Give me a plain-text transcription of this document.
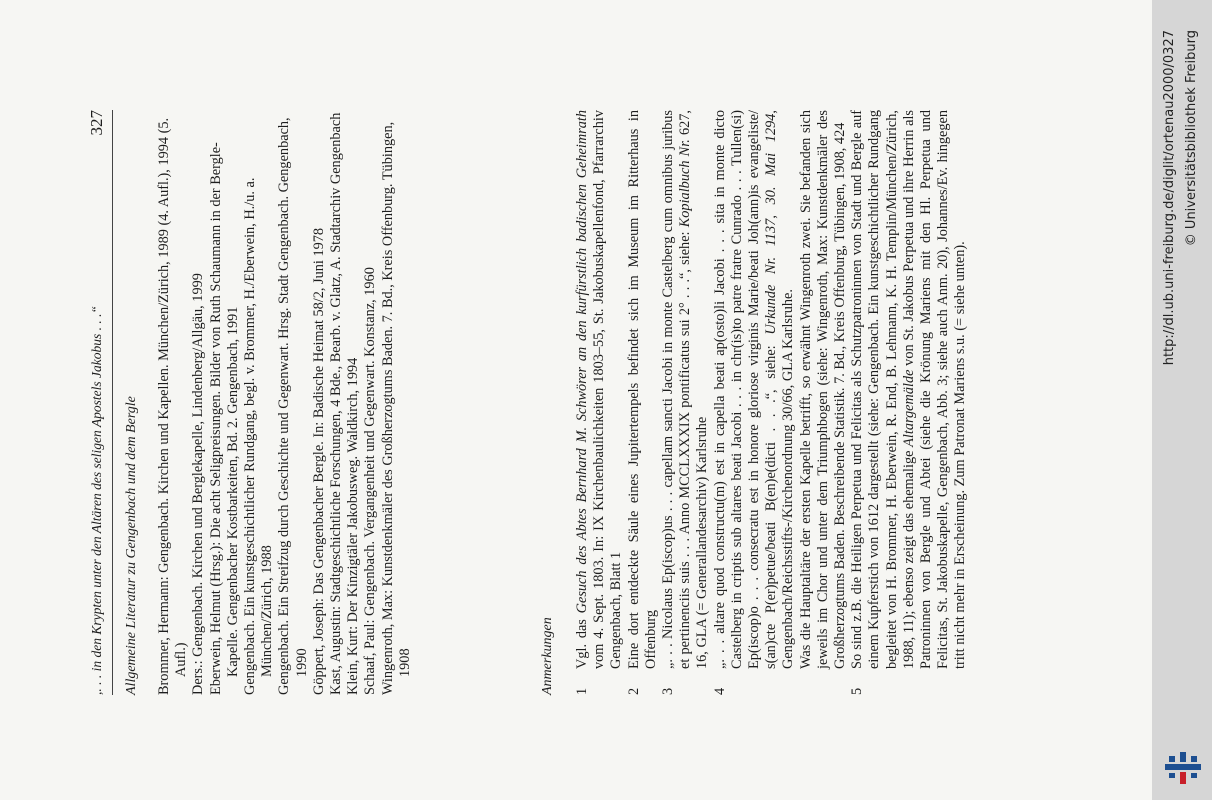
,. . . in den Krypten unter den Altären des seligen Apostels Jakobus . . .“
327
Allgemeine Literatur zu Gengenbach und dem Bergle Brommer, Hermann: Gengenbach. Kirchen und Kapellen. München/Zürich, 1989 (4. Aufl.), 1994 (5. Aufl.) Ders.: Gengenbach. Kirchen und Berglekapelle, Lindenberg/Allgäu, 1999 Eberwein, Helmut (Hrsg.): Die acht Seligpreisungen. Bilder von Ruth Schaumann in der Bergle-Kapelle. Gengenbacher Kostbarkeiten, Bd. 2. Gengenbach, 1991 Gengenbach. Ein kunstgeschichtlicher Rundgang, begl. v. Brommer, H./Eberwein, H./u. a. München/Zürich, 1988 Gengenbach. Ein Streifzug durch Geschichte und Gegenwart. Hrsg. Stadt Gengenbach. Gengenbach, 1990 Göppert, Joseph: Das Gengenbacher Bergle. In: Badische Heimat 58/2, Juni 1978 Kast, Augustin: Stadtgeschichtliche Forschungen, 4 Bde., Bearb. v. Glatz, A. Stadtarchiv Gengenbach Klein, Kurt: Der Kinzigtäler Jakobusweg. Waldkirch, 1994 Schaaf, Paul: Gengenbach. Vergangenheit und Gegenwart. Konstanz, 1960 Wingenroth, Max: Kunstdenkmäler des Großherzogtums Baden. 7. Bd., Kreis Offenburg. Tübingen, 1908	Anmerkungen 1
Vgl. das Gesuch des Abtes Bernhard M. Schwörer an den kurfürstlich badischen Geheimrath vom 4. Sept. 1803. In: IX Kirchenbaulichkeiten 1803–55, St. Jakobuskapellenfond, Pfarrarchiv Gengenbach, Blatt 1
2
Eine dort entdeckte Säule eines Jupitertempels befindet sich im Museum im Ritterhaus in Offenburg
3
„. . . Nicolaus Ep(iscop)us . . . capellam sancti Jacobi in monte Castelberg cum omnibus juribus et pertinenciis suis . . . Anno MCCLXXXIX pontificatus sui 2° . . .“, siehe: Kopialbuch Nr. 627, 16, GLA (= Generallandesarchiv) Karlsruhe
4
„. . . altare quod constructu(m) est in capella beati ap(osto)li Jacobi . . . sita in monte dicto Castelberg in criptis sub altares beati Jacobi . . . in chr(is)to patre fratre Cunrado . . . Tullen(si) Ep(iscop)o . . . consecratu est in honore gloriose virginis Marie/beati Joh(ann)is evangeliste/ s(an)cte P(er)petue/beati B(en)e(dicti . . .“, siehe: Urkunde Nr. 1137, 30. Mai 1294, Gengenbach/Reichsstifts-/Kirchenordnung 30/66, GLA Karlsruhe. Was die Hauptaltäre der ersten Kapelle betrifft, so erwähnt Wingenroth zwei. Sie befanden sich jeweils im Chor und unter dem Triumphbogen (siehe: Wingenroth, Max: Kunstdenkmäler des Großherzogtums Baden. Beschreibende Statistik. 7. Bd., Kreis Offenburg, Tübingen, 1908, 424
5
So sind z.B. die Heiligen Perpetua und Felicitas als Schutzpatroninnen von Stadt und Bergle auf einem Kupferstich von 1612 dargestellt (siehe: Gengenbach. Ein kunstgeschichtlicher Rundgang begleitet von H. Brommer, H. Eberwein, R. End, B. Lehmann, K. H. Templin/München/Zürich, 1988, 11); ebenso zeigt das ehemalige Altargemälde von St. Jakobus Perpetua und ihre Herrin als Patroninnen von Bergle und Abtei (siehe die Krönung Mariens mit den Hl. Perpetua und Felicitas, St. Jakobuskapelle, Gengenbach, Abb. 3; siehe auch Anm. 20), Johannes/Ev. hingegen tritt nicht mehr in Erscheinung. Zum Patronat Mariens s.u. (= siehe unten).
http://dl.ub.uni-freiburg.de/diglit/ortenau2000/0327 © Universitätsbibliothek Freiburg
